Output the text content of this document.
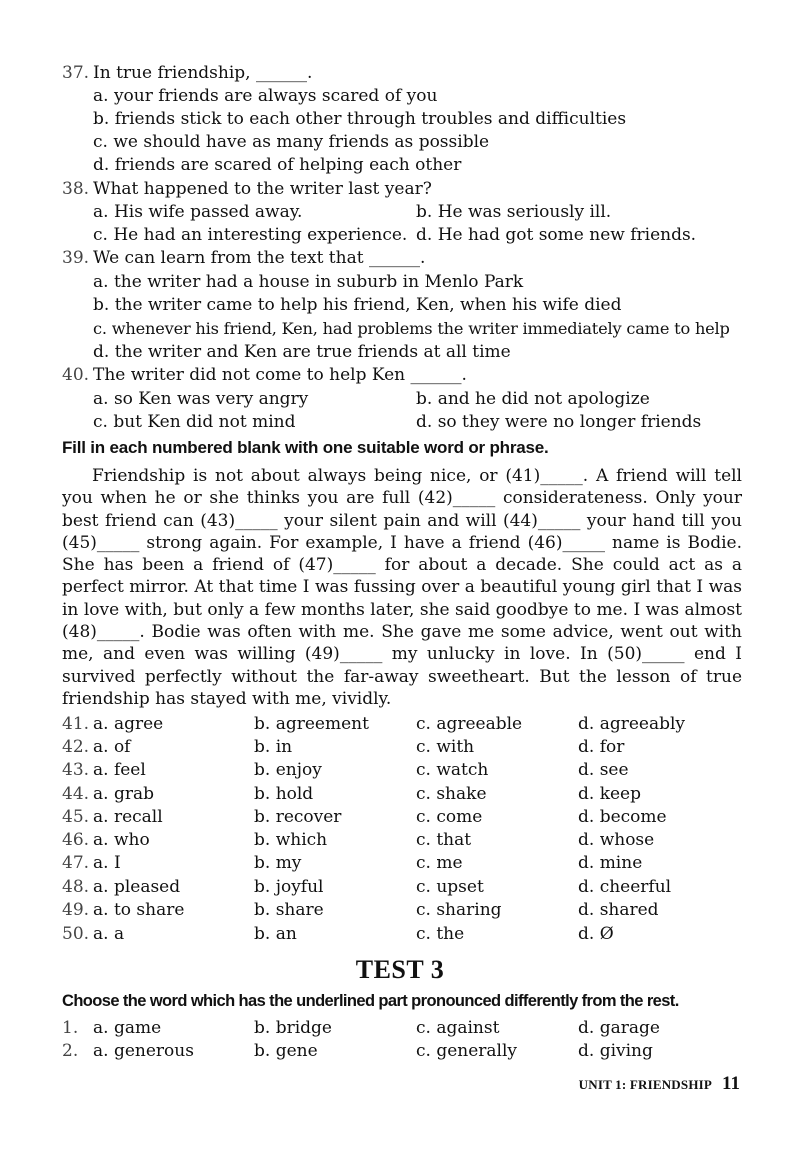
37. In true friendship, ______.
a. your friends are always scared of you
b. friends stick to each other through troubles and difficulties
c. we should have as many friends as possible
d. friends are scared of helping each other
38. What happened to the writer last year?
a. His wife passed away.	b. He was seriously ill.
c. He had an interesting experience. d. He had got some new friends.
39. We can learn from the text that ______.
a. the writer had a house in suburb in Menlo Park
b. the writer came to help his friend, Ken, when his wife died
c. whenever his friend, Ken, had problems the writer immediately came to help
d. the writer and Ken are true friends at all time
40. The writer did not come to help Ken ______.
a. so Ken was very angry	b. and he did not apologize
c. but Ken did not mind	d. so they were no longer friends
Fill in each numbered blank with one suitable word or phrase.
Friendship is not about always being nice, or (41)_____. A friend will tell you when he or she thinks you are full (42)_____ considerateness. Only your best friend can (43)_____ your silent pain and will (44)_____ your hand till you (45)_____ strong again. For example, I have a friend (46)_____ name is Bodie. She has been a friend of (47)_____ for about a decade. She could act as a perfect mirror. At that time I was fussing over a beautiful young girl that I was in love with, but only a few months later, she said goodbye to me. I was almost (48)_____. Bodie was often with me. She gave me some advice, went out with me, and even was willing (49)_____ my unlucky in love. In (50)_____ end I survived perfectly without the far-away sweetheart. But the lesson of true friendship has stayed with me, vividly.
41. a. agree	b. agreement	c. agreeable	d. agreeably
42. a. of	b. in	c. with	d. for
43. a. feel	b. enjoy	c. watch	d. see
44. a. grab	b. hold	c. shake	d. keep
45. a. recall	b. recover	c. come	d. become
46. a. who	b. which	c. that	d. whose
47. a. I	b. my	c. me	d. mine
48. a. pleased	b. joyful	c. upset	d. cheerful
49. a. to share	b. share	c. sharing	d. shared
50. a. a	b. an	c. the	d. Ø
TEST 3
Choose the word which has the underlined part pronounced differently from the rest.
1. a. game	b. bridge	c. against	d. garage
2. a. generous	b. gene	c. generally	d. giving
UNIT 1: FRIENDSHIP 11
